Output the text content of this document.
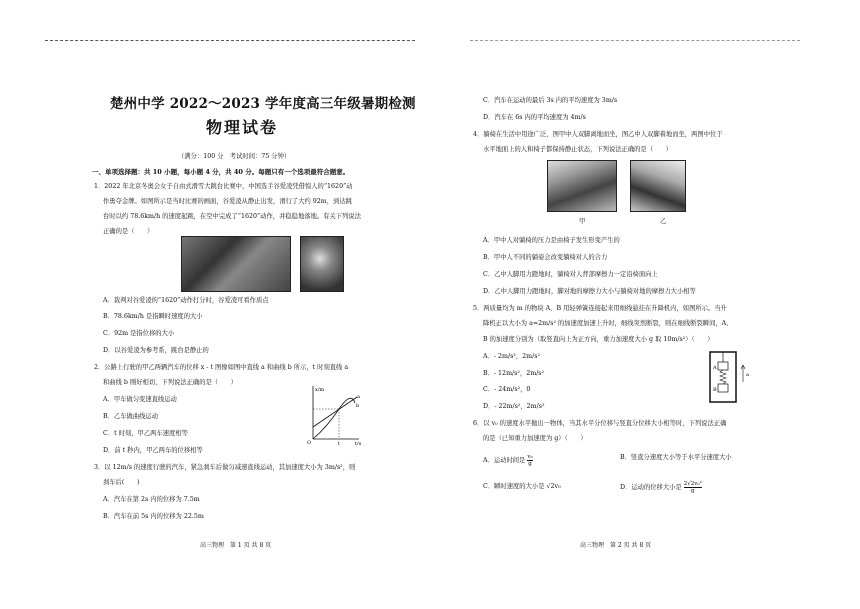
楚州中学 2022～2023 学年度高三年级暑期检测
物理试卷
（满分：100 分　考试时间：75 分钟）
一、单项选择题：共 10 小题，每小题 4 分，共 40 分。每题只有一个选项最符合题意。
1．2022 年北京冬奥会女子自由式滑雪大跳台比赛中，中国选手谷爱凌凭借惊人的“1620”动
作勇夺金牌。如图所示是当时比赛的画面，谷爱凌从静止出发，滑行了大约 92m，到达跳
台时以约 78.6km/h 的速度起跳，在空中完成了“1620”动作，并稳稳地落地。有关下列说法
正确的是（　　）
A．裁判对谷爱凌的“1620”动作打分时，谷爱凌可看作质点
B．78.6km/h 是指瞬时速度的大小
C．92m 是指位移的大小
D．以谷爱凌为参考系，跳台是静止的
2．公路上行驶的甲乙两辆汽车的位移 x - t 图像如图中直线 a 和曲线 b 所示，t 时刻直线 a
和曲线 b 刚好相切，下列说法正确的是（　　）
A．甲车做匀变速直线运动
B．乙车做曲线运动
C．t 时刻，甲乙两车速度相等
D．前 t 秒内，甲乙两车的位移相等
x/m
t/s
O	t
a
b
3．以 12m/s 的速度行驶的汽车，紧急刹车后做匀减速直线运动，其加速度大小为 3m/s²，则
刹车后(　　)
A．汽车在第 2s 内的位移为 7.5m
B．汽车在前 5s 内的位移为 22.5m
高三物理　第 1 页 共 8 页
C．汽车在运动的最后 3s 内的平均速度为 3m/s
D．汽车在 6s 内的平均速度为 4m/s
4．躺椅在生活中用途广泛，图甲中人双脚离地而坐，图乙中人双脚着地而坐，两图中位于
水平地面上的人和椅子都保持静止状态，下列说法正确的是（　　）
甲	乙
A．甲中人对躺椅的压力是由椅子发生形变产生的
B．甲中人不同的躺姿会改变躺椅对人的合力
C．乙中人脚用力蹬地时，躺椅对人背部摩擦力一定沿椅面向上
D．乙中人脚用力蹬地时，脚对地的摩擦力大小与躺椅对地的摩擦力大小相等
5．两质量均为 m 的物块 A、B 用轻弹簧连接起来用细线悬挂在升降机内，如图所示。当升
降机正以大小为 a=2m/s² 的加速度加速上升时，细线突然断裂，则在细线断裂瞬间，A、
B 的加速度分别为（取竖直向上为正方向，重力加速度大小 g 取 10m/s²）（　　）
A．- 2m/s²，2m/s²
B．- 12m/s²，2m/s²
C．- 24m/s²，0
D．- 22m/s²，2m/s²
A
B
a
6．以 v₀ 的速度水平抛出一物体，当其水平分位移与竖直分位移大小相等时，下列说法正确
的是（已知重力加速度为 g）（　　）
A．运动时间是 $\frac{\text{v₀}}{g}$	B．竖直分速度大小等于水平分速度大小
C．瞬时速度的大小是 √2v₀	D．运动的位移大小是 $\frac{\text{2√2v₀²}}{g}$
高三物理　第 2 页 共 8 页
